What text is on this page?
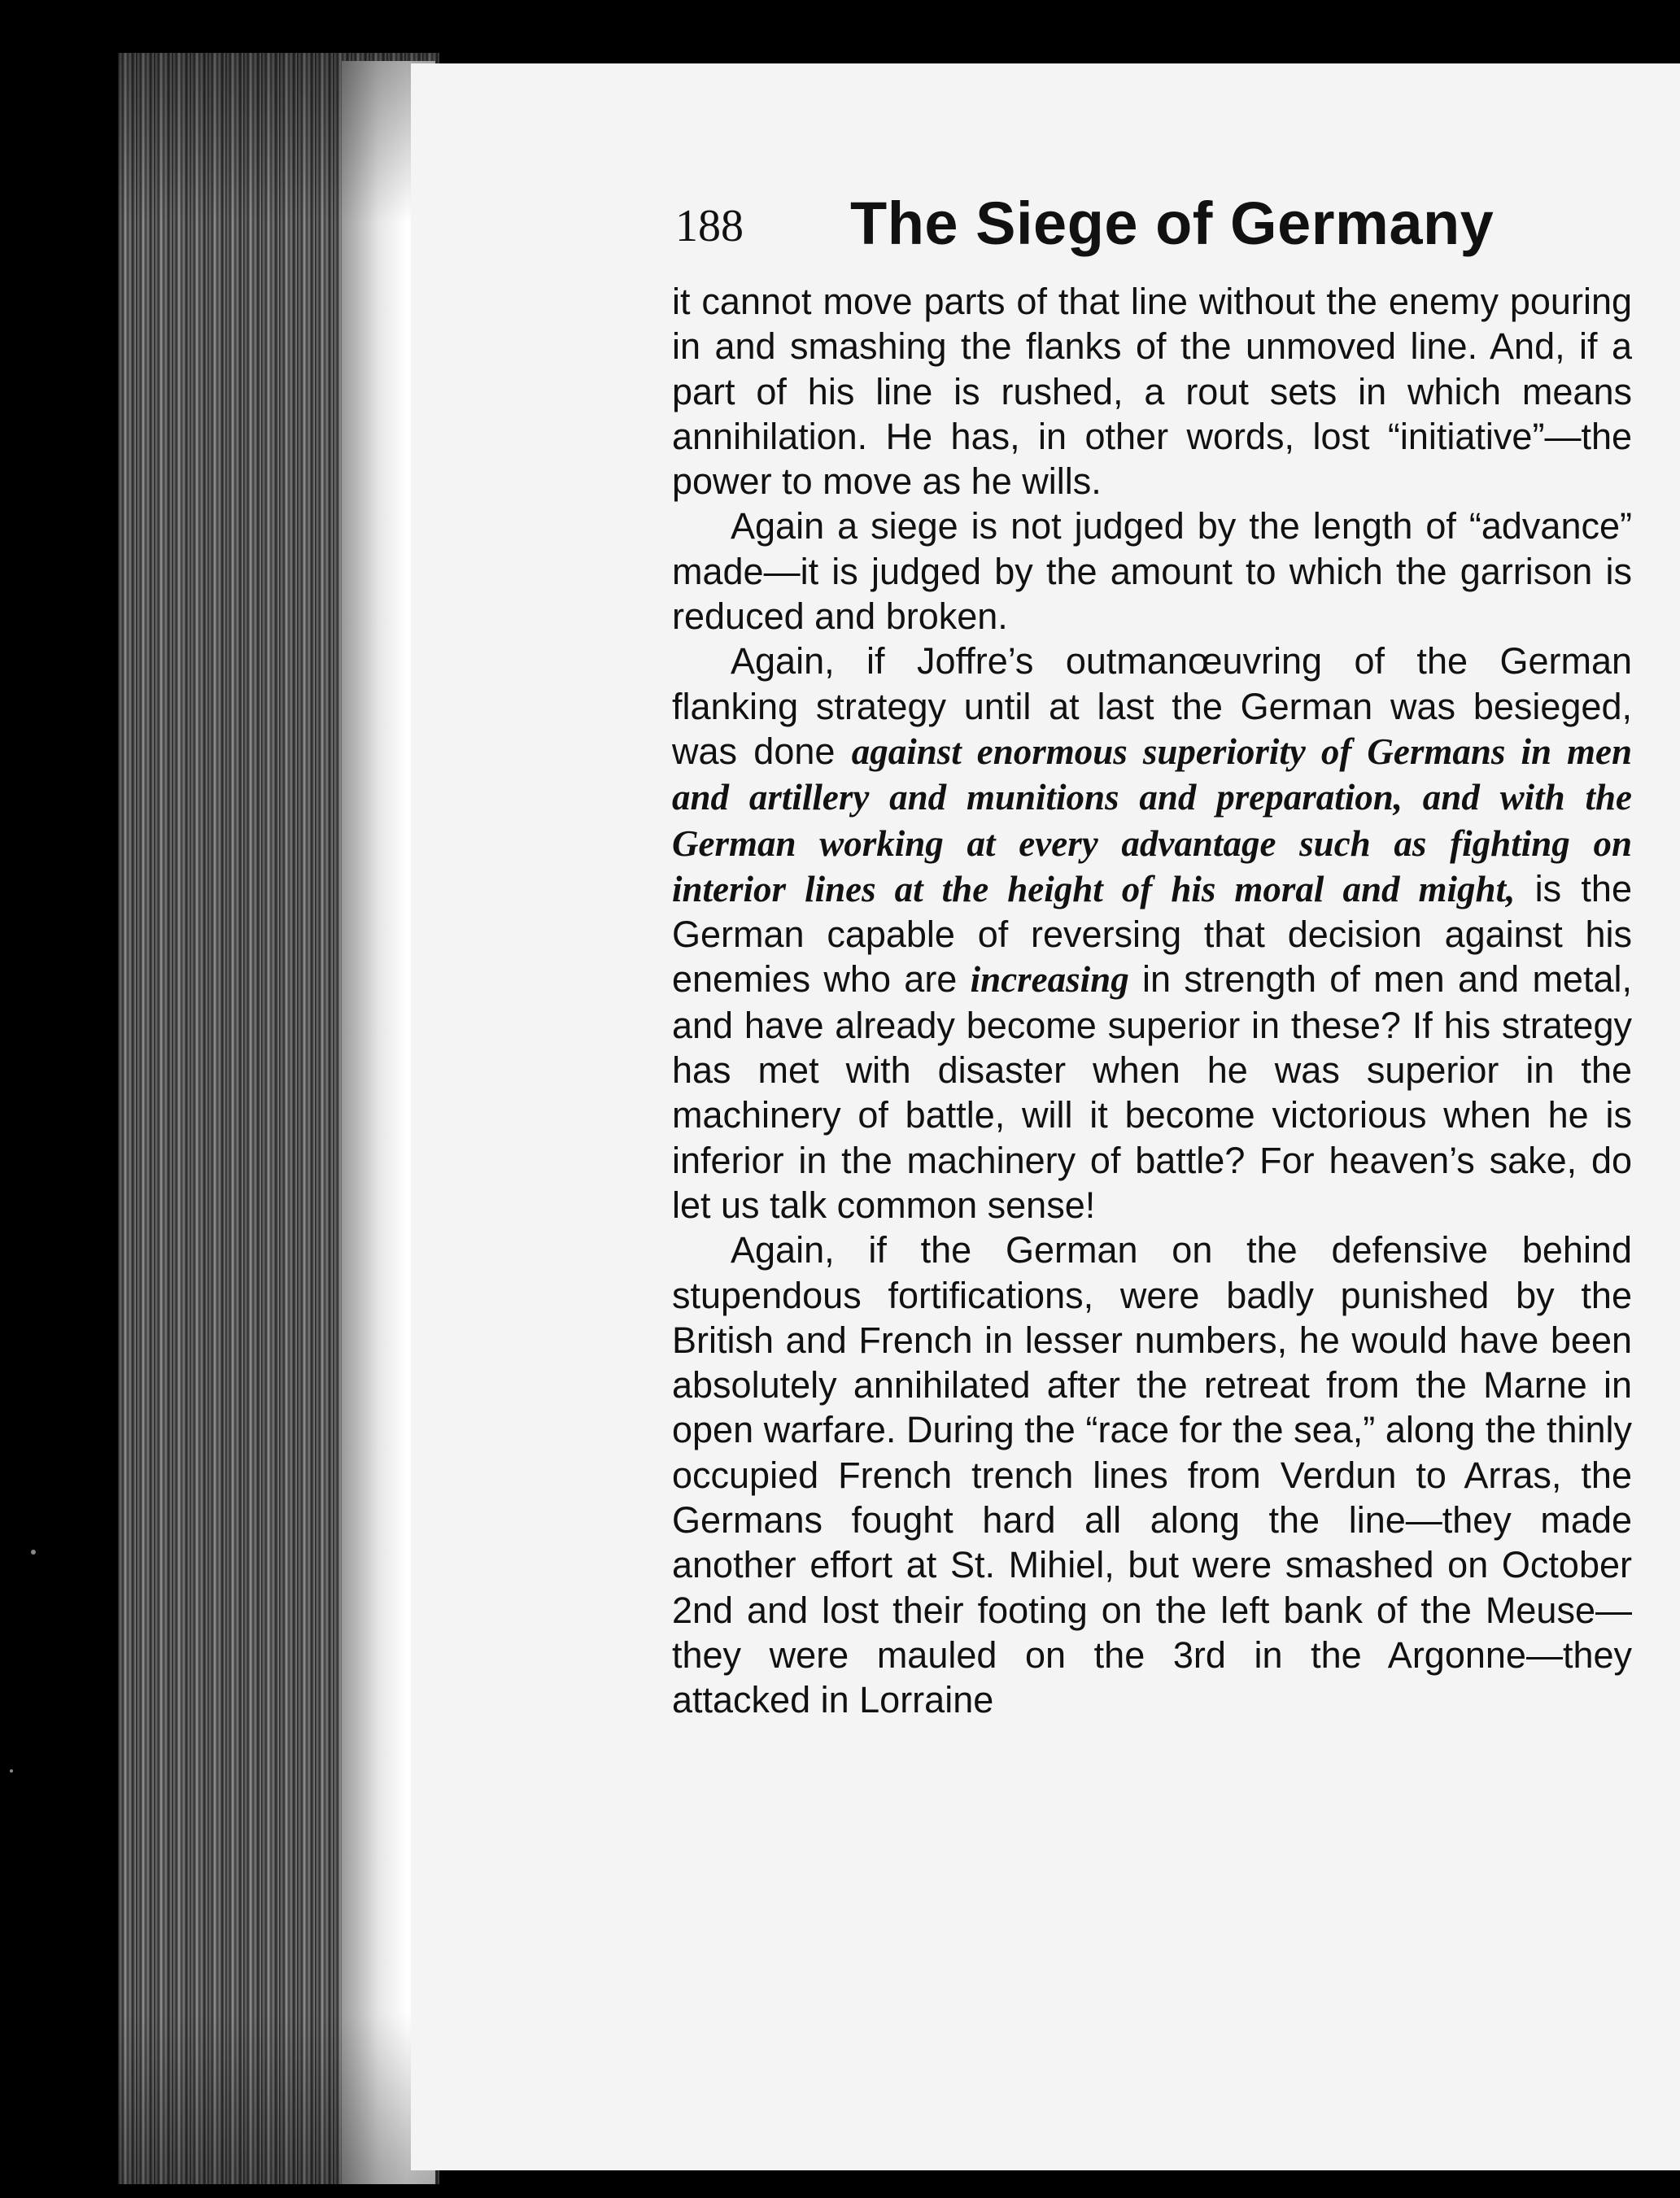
188 The Siege of Germany

it cannot move parts of that line without the enemy pouring in and smashing the flanks of the unmoved line. And, if a part of his line is rushed, a rout sets in which means annihilation. He has, in other words, lost “initiative”—the power to move as he wills.

Again a siege is not judged by the length of “advance” made—it is judged by the amount to which the garrison is reduced and broken.

Again, if Joffre’s outmanœuvring of the German flanking strategy until at last the German was besieged, was done against enormous superiority of Germans in men and artillery and munitions and preparation, and with the German working at every advantage such as fighting on interior lines at the height of his moral and might, is the German capable of reversing that decision against his enemies who are increasing in strength of men and metal, and have already become superior in these? If his strategy has met with disaster when he was superior in the machinery of battle, will it become victorious when he is inferior in the machinery of battle? For heaven’s sake, do let us talk common sense!

Again, if the German on the defensive behind stupendous fortifications, were badly punished by the British and French in lesser numbers, he would have been absolutely annihilated after the retreat from the Marne in open warfare. During the “race for the sea,” along the thinly occupied French trench lines from Verdun to Arras, the Germans fought hard all along the line—they made another effort at St. Mihiel, but were smashed on October 2nd and lost their footing on the left bank of the Meuse—they were mauled on the 3rd in the Argonne—they attacked in Lorraine
